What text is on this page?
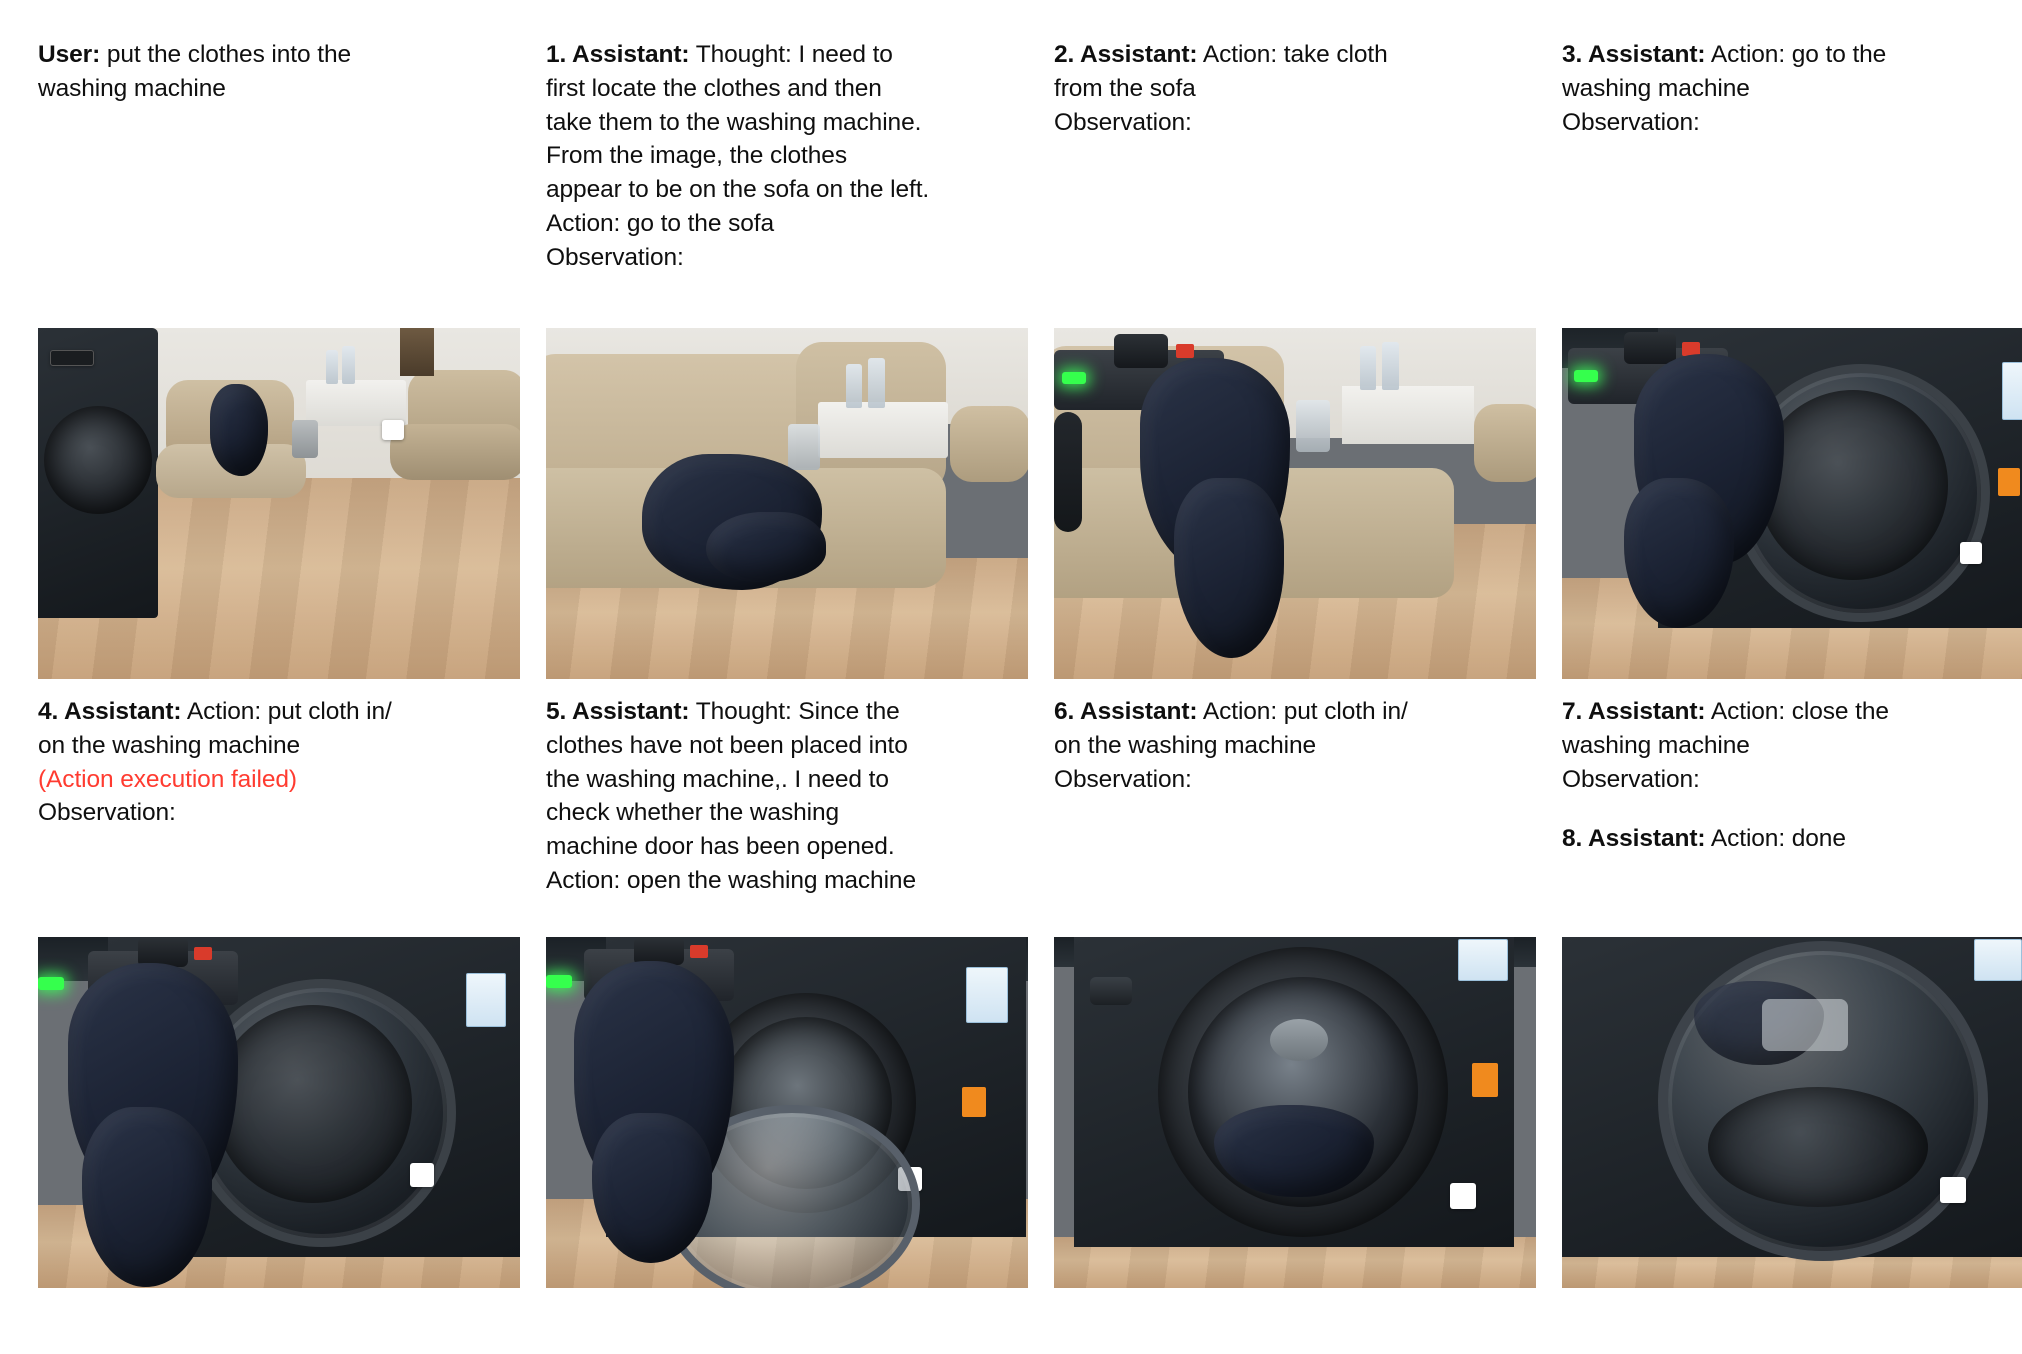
User: put the clothes into the
washing machine
1. Assistant: Thought: I need to
first locate the clothes and then
take them to the washing machine.
From the image, the clothes
appear to be on the sofa on the left.
Action: go to the sofa
Observation:
2. Assistant: Action: take cloth
from the sofa
Observation:
3. Assistant: Action: go to the
washing machine
Observation:
4. Assistant: Action: put cloth in/
on the washing machine
(Action execution failed)
Observation:
5. Assistant: Thought: Since the
clothes have not been placed into
the washing machine,. I need to
check whether the washing
machine door has been opened.
Action: open the washing machine
6. Assistant: Action: put cloth in/
on the washing machine
Observation:
7. Assistant: Action: close the
washing machine
Observation:
8. Assistant: Action: done
